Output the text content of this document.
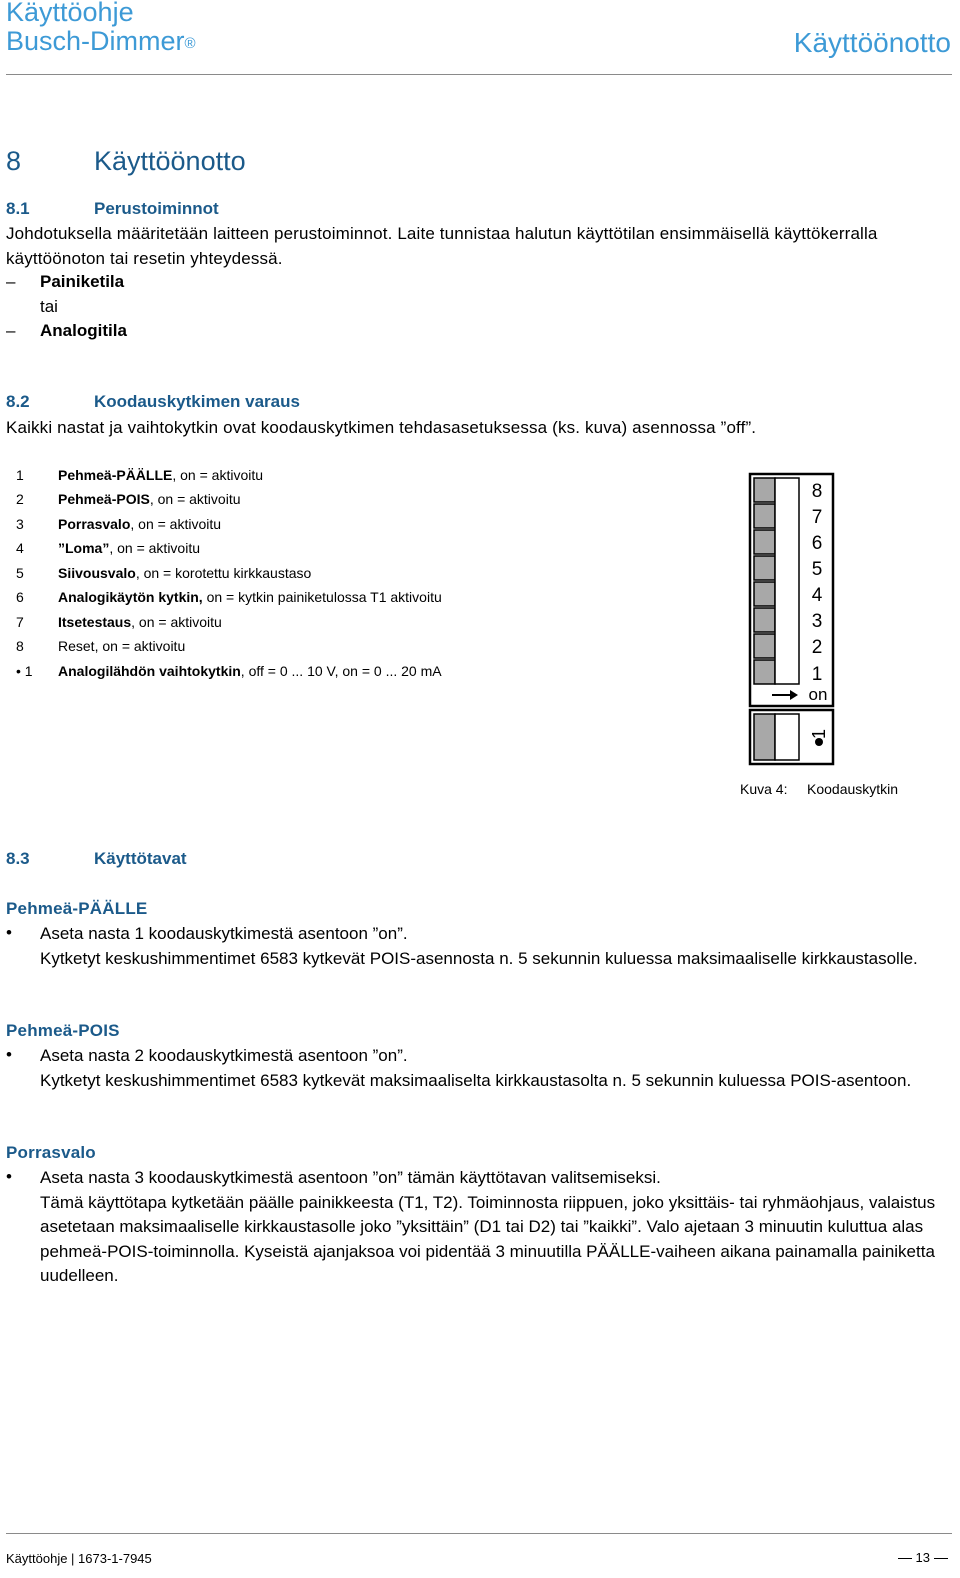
Käyttöohje
Busch-Dimmer®	Käyttöönotto
8	Käyttöönotto
8.1	Perustoiminnot
Johdotuksella määritetään laitteen perustoiminnot. Laite tunnistaa halutun käyttötilan ensimmäisellä käyttökerralla käyttöönoton tai resetin yhteydessä.
– Painiketila
tai
– Analogitila
8.2	Koodauskytkimen varaus
Kaikki nastat ja vaihtokytkin ovat koodauskytkimen tehdasasetuksessa (ks. kuva) asennossa ”off”.
1 Pehmeä-PÄÄLLE, on = aktivoitu
2 Pehmeä-POIS, on = aktivoitu
3 Porrasvalo, on = aktivoitu
4 ”Loma”, on = aktivoitu
5 Siivousvalo, on = korotettu kirkkaustaso
6 Analogikäytön kytkin, on = kytkin painiketulossa T1 aktivoitu
7 Itsetestaus, on = aktivoitu
8 Reset, on = aktivoitu
• 1 Analogilähdön vaihtokytkin, off = 0 ... 10 V, on = 0 ... 20 mA
8
7
6
5
4
3
2
1
on
1
Kuva 4: Koodauskytkin
8.3	Käyttötavat
Pehmeä-PÄÄLLE
• Aseta nasta 1 koodauskytkimestä asentoon ”on”.
Kytketyt keskushimmentimet 6583 kytkevät POIS-asennosta n. 5 sekunnin kuluessa maksimaaliselle kirkkaustasolle.
Pehmeä-POIS
• Aseta nasta 2 koodauskytkimestä asentoon ”on”.
Kytketyt keskushimmentimet 6583 kytkevät maksimaaliselta kirkkaustasolta n. 5 sekunnin kuluessa POIS-asentoon.
Porrasvalo
• Aseta nasta 3 koodauskytkimestä asentoon ”on” tämän käyttötavan valitsemiseksi.
Tämä käyttötapa kytketään päälle painikkeesta (T1, T2). Toiminnosta riippuen, joko yksittäis- tai ryhmäohjaus, valaistus asetetaan maksimaaliselle kirkkaustasolle joko ”yksittäin” (D1 tai D2) tai ”kaikki”. Valo ajetaan 3 minuutin kuluttua alas pehmeä-POIS-toiminnolla. Kyseistä ajanjaksoa voi pidentää 3 minuutilla PÄÄLLE-vaiheen aikana painamalla painiketta uudelleen.
Käyttöohje | 1673-1-7945	13
